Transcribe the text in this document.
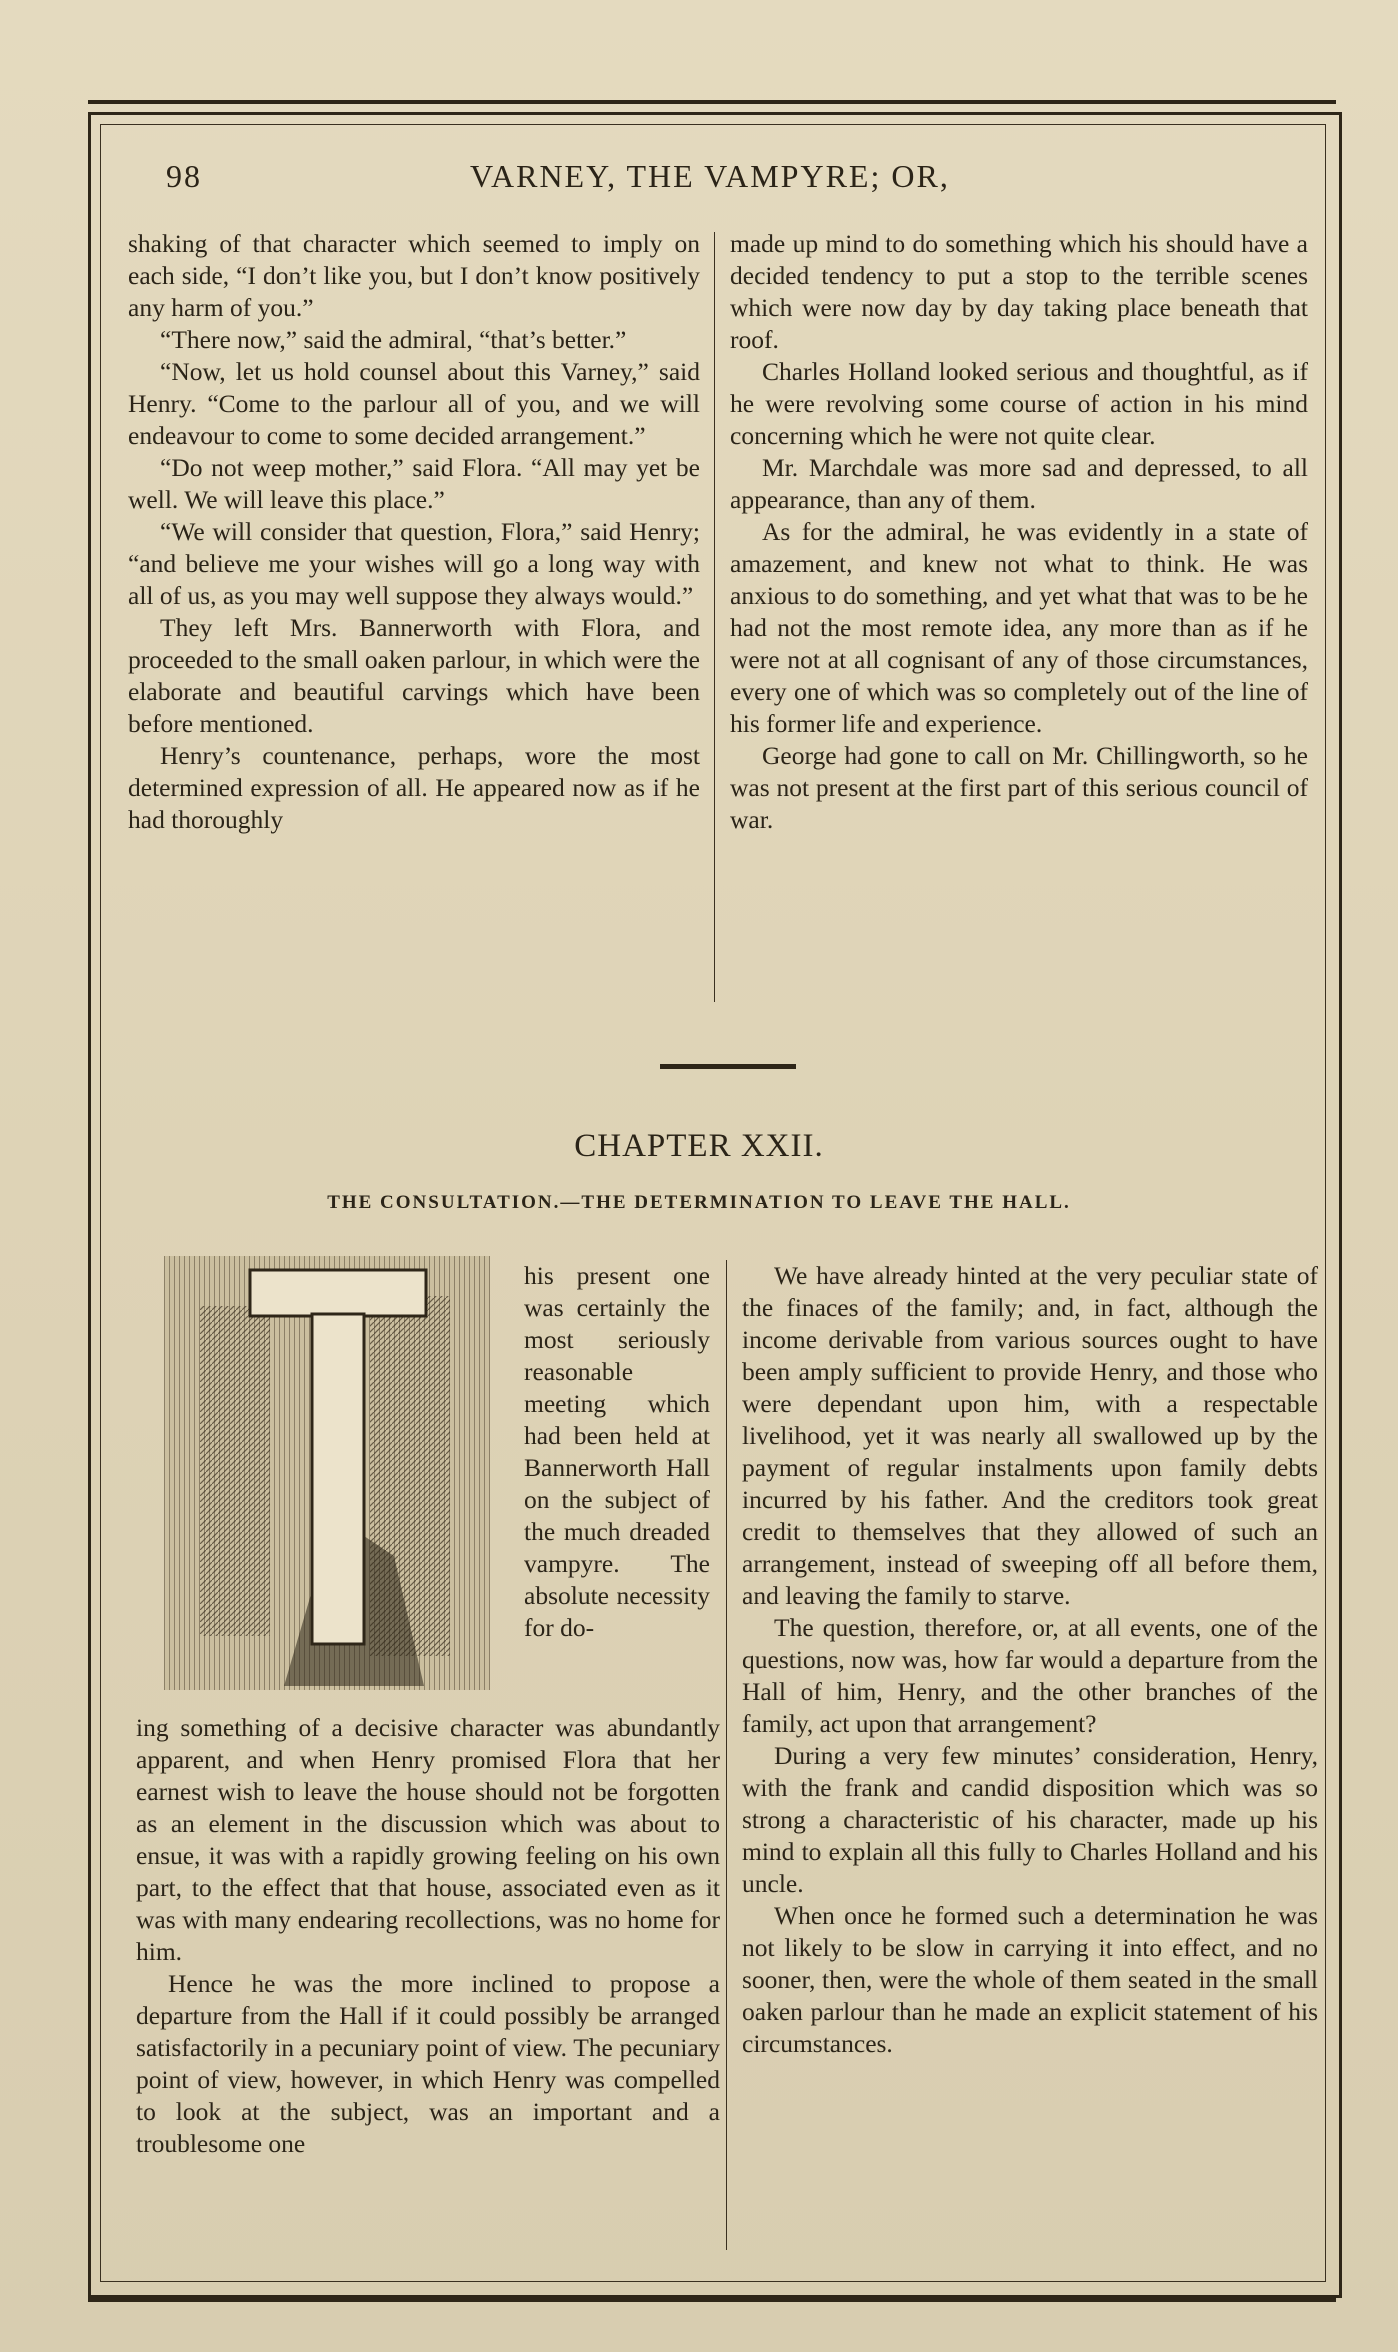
98	VARNEY, THE VAMPYRE; OR,

shaking of that character which seemed to imply on each side, “I don’t like you, but I don’t know positively any harm of you.”

“There now,” said the admiral, “that’s better.”

“Now, let us hold counsel about this Varney,” said Henry. “Come to the parlour all of you, and we will endeavour to come to some decided arrangement.”

“Do not weep mother,” said Flora. “All may yet be well. We will leave this place.”

“We will consider that question, Flora,” said Henry; “and believe me your wishes will go a long way with all of us, as you may well suppose they always would.”

They left Mrs. Bannerworth with Flora, and proceeded to the small oaken parlour, in which were the elaborate and beautiful carvings which have been before mentioned.

Henry’s countenance, perhaps, wore the most determined expression of all. He appeared now as if he had thoroughly

made up mind to do something which his should have a decided tendency to put a stop to the terrible scenes which were now day by day taking place beneath that roof.

Charles Holland looked serious and thoughtful, as if he were revolving some course of action in his mind concerning which he were not quite clear.

Mr. Marchdale was more sad and depressed, to all appearance, than any of them.

As for the admiral, he was evidently in a state of amazement, and knew not what to think. He was anxious to do something, and yet what that was to be he had not the most remote idea, any more than as if he were not at all cognisant of any of those circumstances, every one of which was so completely out of the line of his former life and experience.

George had gone to call on Mr. Chillingworth, so he was not present at the first part of this serious council of war.

CHAPTER XXII.
THE CONSULTATION.—THE DETERMINATION TO LEAVE THE HALL.

his present one was certainly the most seriously reasonable meeting which had been held at Bannerworth Hall on the subject of the much dreaded vampyre. The absolute necessity for do-

ing something of a decisive character was abundantly apparent, and when Henry promised Flora that her earnest wish to leave the house should not be forgotten as an element in the discussion which was about to ensue, it was with a rapidly growing feeling on his own part, to the effect that that house, associated even as it was with many endearing recollections, was no home for him.

Hence he was the more inclined to propose a departure from the Hall if it could possibly be arranged satisfactorily in a pecuniary point of view. The pecuniary point of view, however, in which Henry was compelled to look at the subject, was an important and a troublesome one

We have already hinted at the very peculiar state of the finaces of the family; and, in fact, although the income derivable from various sources ought to have been amply sufficient to provide Henry, and those who were dependant upon him, with a respectable livelihood, yet it was nearly all swallowed up by the payment of regular instalments upon family debts incurred by his father. And the creditors took great credit to themselves that they allowed of such an arrangement, instead of sweeping off all before them, and leaving the family to starve.

The question, therefore, or, at all events, one of the questions, now was, how far would a departure from the Hall of him, Henry, and the other branches of the family, act upon that arrangement?

During a very few minutes’ consideration, Henry, with the frank and candid disposition which was so strong a characteristic of his character, made up his mind to explain all this fully to Charles Holland and his uncle.

When once he formed such a determination he was not likely to be slow in carrying it into effect, and no sooner, then, were the whole of them seated in the small oaken parlour than he made an explicit statement of his circumstances.
